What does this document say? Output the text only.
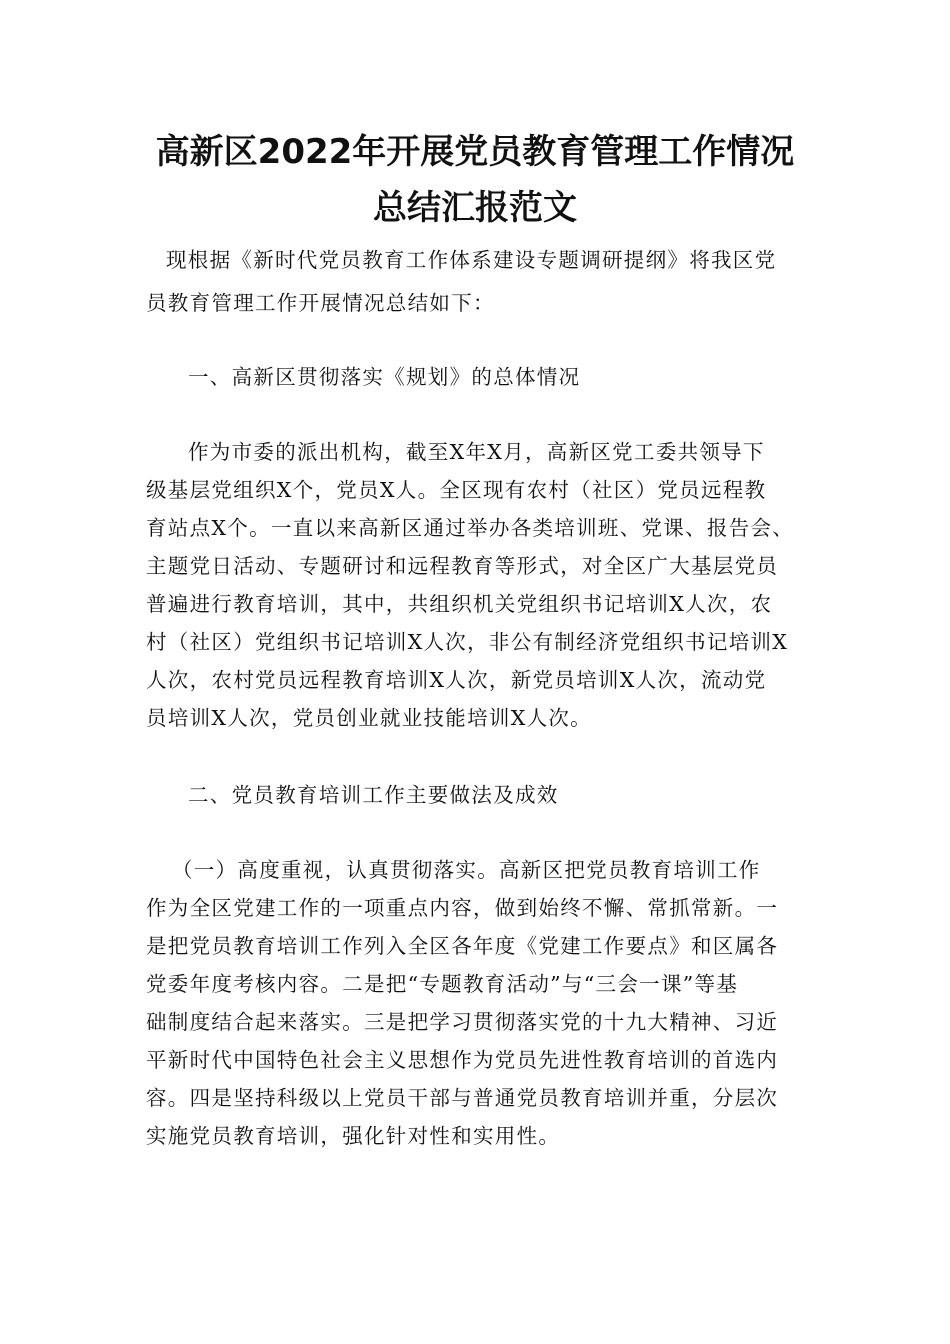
高新区2022年开展党员教育管理工作情况
总结汇报范文
现根据《新时代党员教育工作体系建设专题调研提纲》将我区党
员教育管理工作开展情况总结如下：
一、高新区贯彻落实《规划》的总体情况
作为市委的派出机构，截至X年X月，高新区党工委共领导下
级基层党组织X个，党员X人。全区现有农村（社区）党员远程教
育站点X个。一直以来高新区通过举办各类培训班、党课、报告会、
主题党日活动、专题研讨和远程教育等形式，对全区广大基层党员
普遍进行教育培训，其中，共组织机关党组织书记培训X人次，农
村（社区）党组织书记培训X人次，非公有制经济党组织书记培训X
人次，农村党员远程教育培训X人次，新党员培训X人次，流动党
员培训X人次，党员创业就业技能培训X人次。
二、党员教育培训工作主要做法及成效
（一）高度重视，认真贯彻落实。高新区把党员教育培训工作
作为全区党建工作的一项重点内容，做到始终不懈、常抓常新。一
是把党员教育培训工作列入全区各年度《党建工作要点》和区属各
党委年度考核内容。二是把“专题教育活动”与“三会一课”等基
础制度结合起来落实。三是把学习贯彻落实党的十九大精神、习近
平新时代中国特色社会主义思想作为党员先进性教育培训的首选内
容。四是坚持科级以上党员干部与普通党员教育培训并重，分层次
实施党员教育培训，强化针对性和实用性。
